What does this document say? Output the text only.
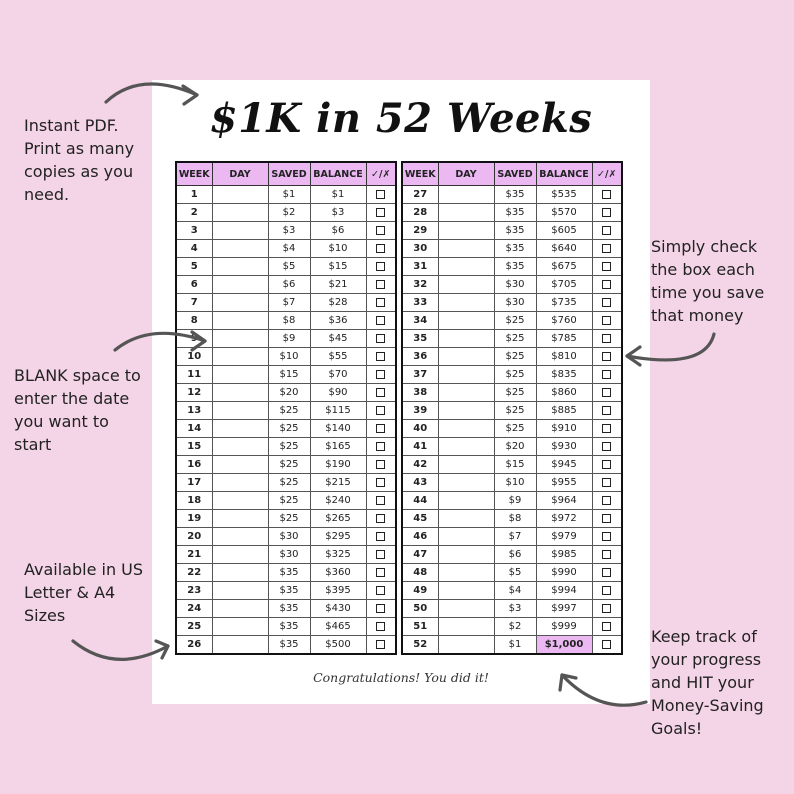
Instant PDF.
Print as many
copies as you
need.
BLANK space to
enter the date
you want to
start
Available in US
Letter & A4
Sizes
Simply check
the box each
time you save
that money
Keep track of
your progress
and HIT your
Money-Saving
Goals!
$1K in 52 Weeks
WEEK	DAY	SAVED	BALANCE	✓/✗
1		$1	$1	
2		$2	$3	
3		$3	$6	
4		$4	$10	
5		$5	$15	
6		$6	$21	
7		$7	$28	
8		$8	$36	
9		$9	$45	
10		$10	$55	
11		$15	$70	
12		$20	$90	
13		$25	$115	
14		$25	$140	
15		$25	$165	
16		$25	$190	
17		$25	$215	
18		$25	$240	
19		$25	$265	
20		$30	$295	
21		$30	$325	
22		$35	$360	
23		$35	$395	
24		$35	$430	
25		$35	$465	
26		$35	$500	
WEEK	DAY	SAVED	BALANCE	✓/✗
27		$35	$535	
28		$35	$570	
29		$35	$605	
30		$35	$640	
31		$35	$675	
32		$30	$705	
33		$30	$735	
34		$25	$760	
35		$25	$785	
36		$25	$810	
37		$25	$835	
38		$25	$860	
39		$25	$885	
40		$25	$910	
41		$20	$930	
42		$15	$945	
43		$10	$955	
44		$9	$964	
45		$8	$972	
46		$7	$979	
47		$6	$985	
48		$5	$990	
49		$4	$994	
50		$3	$997	
51		$2	$999	
52		$1	$1,000	
Congratulations! You did it!
